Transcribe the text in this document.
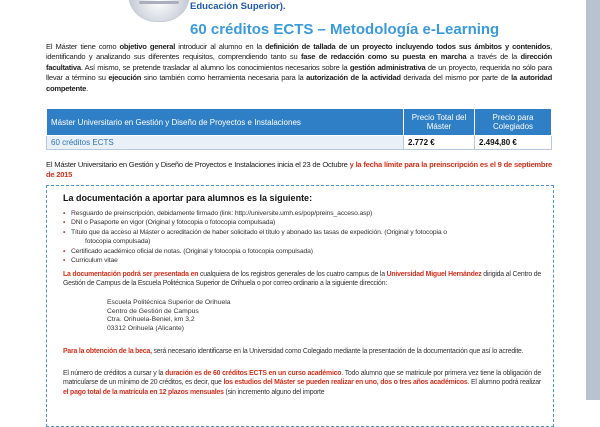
Educación Superior).
60 créditos ECTS – Metodología e-Learning
El Máster tiene como objetivo general introducir al alumno en la definición de tallada de un proyecto incluyendo todos sus ámbitos y contenidos, identificando y analizando sus diferentes requisitos, comprendiendo tanto su fase de redacción como su puesta en marcha a través de la dirección facultativa. Así mismo, se pretende trasladar al alumno los conocimientos necesarios sobre la gestión administrativa de un proyecto, requerida no sólo para llevar a término su ejecución sino también como herramienta necesaria para la autorización de la actividad derivada del mismo por parte de la autoridad competente.
Máster Universitario en Gestión y Diseño de Proyectos e Instalaciones	Precio Total del Máster	Precio para Colegiados
60 créditos ECTS	2.772 €	2.494,80 €
El Máster Universitario en Gestión y Diseño de Proyectos e Instalaciones inicia el 23 de Octubre y la fecha límite para la preinscripción es el 9 de septiembre de 2015
La documentación a aportar para alumnos es la siguiente:
• Resguardo de preinscripción, debidamente firmado (link: http://universite.umh.es/pop/preins_acceso.asp)
• DNI o Pasaporte en vigor (Original y fotocopia o fotocopia compulsada)
• Título que da acceso al Máster o acreditación de haber solicitado el título y abonado las tasas de expedición. (Original y fotocopia o
fotocopia compulsada)
• Certificado académico oficial de notas. (Original y fotocopia o fotocopia compulsada)
• Curriculum vitae
La documentación podrá ser presentada en cualquiera de los registros generales de los cuatro campus de la Universidad Miguel Hernández dirigida al Centro de Gestión de Campus de la Escuela Politécnica Superior de Orihuela o por correo ordinario a la siguiente dirección:
Escuela Politécnica Superior de Orihuela
Centro de Gestión de Campus
Ctra. Orihuela-Beniel, km 3,2
03312 Orihuela (Alicante)
Para la obtención de la beca, será necesario identificarse en la Universidad como Colegiado mediante la presentación de la documentación que así lo acredite.
El número de créditos a cursar y la duración es de 60 créditos ECTS en un curso académico. Todo alumno que se matricule por primera vez tiene la obligación de matricularse de un mínimo de 20 créditos, es decir, que los estudios del Máster se pueden realizar en uno, dos o tres años académicos. El alumno podrá realizar el pago total de la matrícula en 12 plazos mensuales (sin incremento alguno del importe
